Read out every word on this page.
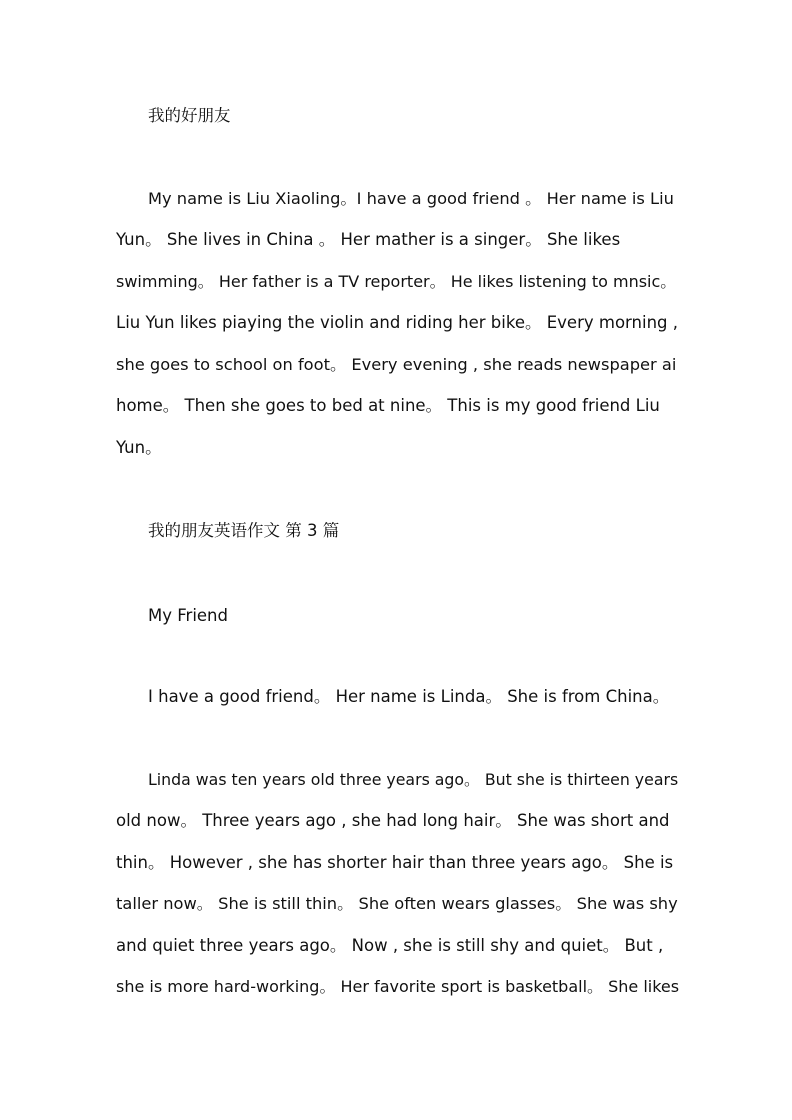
我的好朋友
My name is Liu Xiaoling。I have a good friend 。 Her name is Liu
Yun。 She lives in China 。 Her mather is a singer。 She likes
swimming。 Her father is a TV reporter。 He likes listening to mnsic。
Liu Yun likes piaying the violin and riding her bike。 Every morning ,
she goes to school on foot。 Every evening , she reads newspaper ai
home。 Then she goes to bed at nine。 This is my good friend Liu
Yun。
我的朋友英语作文 第 3 篇
My Friend
I have a good friend。 Her name is Linda。 She is from China。
Linda was ten years old three years ago。 But she is thirteen years
old now。 Three years ago , she had long hair。 She was short and
thin。 However , she has shorter hair than three years ago。 She is
taller now。 She is still thin。 She often wears glasses。 She was shy
and quiet three years ago。 Now , she is still shy and quiet。 But ,
she is more hard-working。 Her favorite sport is basketball。 She likes
